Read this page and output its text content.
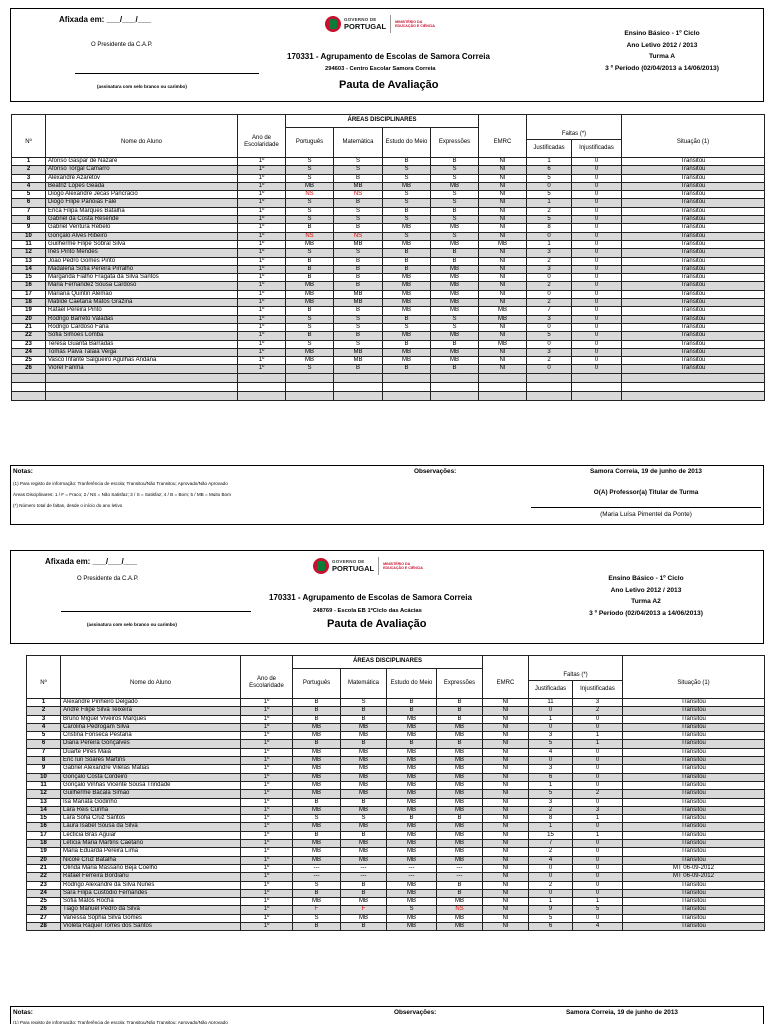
Afixada em: ___/___/___
O Presidente da C.A.P.
(assinatura com selo branco ou carimbo)
GOVERNO DE
PORTUGAL	MINISTÉRIO DA EDUCAÇÃO E CIÊNCIA
170331 - Agrupamento de Escolas de Samora Correia
294603 - Centro Escolar Samora Correia
Pauta de Avaliação
Ensino Básico - 1º Ciclo
Ano Letivo 2012 / 2013
Turma A
3 º Período (02/04/2013 a 14/06/2013)
			ÁREAS DISCIPLINARES							
Nº	Nome do Aluno	Ano de Escolaridade	Português	Matemática	Estudo do Meio	Expressões	EMRC	Faltas (*)
Justificadas Injustificadas		Situação (1)
1	Afonso Gaspar de Nazaré	1º	S	S	B	B	NI	1	0	Transitou
2	Afonso Torgal Camarro	1º	S	S	S	S	NI	6	0	Transitou
3	Alexandre Azaretov	1º	S	B	S	S	NI	5	0	Transitou
4	Beatriz Lopes Geada	1º	MB	MB	MB	MB	NI	0	0	Transitou
5	Diogo Alexandre Jecas Pancracio	1º	NS	NS	S	S	NI	5	0	Transitou
6	Diogo Filipe Panóias Falé	1º	S	B	S	S	NI	1	0	Transitou
7	Érica Filipa Marques Batalha	1º	S	S	B	B	NI	2	0	Transitou
8	Gabriel da Costa Resende	1º	S	S	S	S	NI	5	0	Transitou
9	Gabriel Ventura Rebelo	1º	B	B	MB	MB	NI	8	0	Transitou
10	Gonçalo Alves Ribeiro	1º	NS	NS	S	S	NI	0	0	Transitou
11	Guilherme Filipe Sobral Silva	1º	MB	MB	MB	MB	MB	1	0	Transitou
12	Inês Pinto Mendes	1º	S	S	B	B	NI	3	0	Transitou
13	João Pedro Gomes Pinto	1º	B	B	B	B	NI	2	0	Transitou
14	Madalena Sofia Pereira Pirralho	1º	B	B	B	MB	NI	3	0	Transitou
15	Margarida Fialho Fragata da Silva Santos	1º	B	B	MB	MB	NI	0	0	Transitou
16	Maria Fernandez Sousa Cardoso	1º	MB	B	MB	MB	NI	2	0	Transitou
17	Mariana Quintin Alemão	1º	MB	MB	MB	MB	NI	0	0	Transitou
18	Matilde Caetana Matos Grazina	1º	MB	MB	MB	MB	NI	2	0	Transitou
19	Rafael Pereira Pinto	1º	B	B	MB	MB	MB	7	0	Transitou
20	Rodrigo Barreto Valadas	1º	S	S	B	S	MB	3	0	Transitou
21	Rodrigo Cardoso Faria	1º	S	S	S	S	NI	0	0	Transitou
22	Sofia Simões Lomba	1º	B	B	MB	MB	NI	5	0	Transitou
23	Teresa Guarita Barradas	1º	S	S	B	B	MB	0	0	Transitou
24	Tomás Paiva Talaia Veiga	1º	MB	MB	MB	MB	NI	3	0	Transitou
25	Vasco Infante Salgueiro Agulhas Andana	1º	MB	MB	MB	MB	NI	2	0	Transitou
26	Viorel Farima	1º	S	B	B	B	NI	0	0	Transitou

Notas:	Observações:
(1) Para registo de informação: Tranferência de escola; Transitou/Não Transitou; Aprovado/Não Aprovado
Áreas Disciplinares: 1 / F = Fraco; 2 / NS = Não Satisfaz; 3 / S = Satisfaz; 4 / B = Bom; 5 / MB = Muito Bom
(*) Número total de faltas, desde o início do ano letivo
Samora Correia, 19 de junho de 2013
O(A) Professor(a) Titular de Turma
(Maria Luísa Pimentel da Ponte)
Afixada em: ___/___/___
O Presidente da C.A.P.
(assinatura com selo branco ou carimbo)
GOVERNO DE
PORTUGAL	MINISTÉRIO DA EDUCAÇÃO E CIÊNCIA
170331 - Agrupamento de Escolas de Samora Correia
248769 - Escola EB 1ºCiclo das Acácias
Pauta de Avaliação
Ensino Básico - 1º Ciclo
Ano Letivo 2012 / 2013
Turma A2
3 º Período (02/04/2013 a 14/06/2013)
			ÁREAS DISCIPLINARES							
Nº	Nome do Aluno	Ano de Escolaridade	Português	Matemática	Estudo do Meio	Expressões	EMRC	Faltas (*)
Justificadas Injustificadas		Situação (1)
1	Alexandre Pinheiro Delgado	1º	B	S	B	B	NI	11	3	Transitou
2	André Filipe Silva Teixeira	1º	B	B	B	B	NI	0	2	Transitou
3	Bruno Miguel Viveiros Marques	1º	B	B	MB	B	NI	1	0	Transitou
4	Carolina Pedrogam Silva	1º	MB	MB	MB	MB	NI	0	0	Transitou
5	Cristina Fonseca Pestana	1º	MB	MB	MB	MB	NI	3	1	Transitou
6	Diana Pereira Gonçalves	1º	B	B	B	B	NI	5	1	Transitou
7	Duarte Pires Maia	1º	MB	MB	MB	MB	NI	4	0	Transitou
8	Eric Iuri Soares Martins	1º	MB	MB	MB	MB	NI	0	0	Transitou
9	Gabriel Alexandre Vilelas Matias	1º	MB	MB	MB	MB	NI	3	0	Transitou
10	Gonçalo Costa Cordeiro	1º	MB	MB	MB	MB	NI	6	0	Transitou
11	Gonçalo Vinhas Vicente Sousa Trindade	1º	MB	MB	MB	MB	NI	1	0	Transitou
12	Guilherme Bacala Simão	1º	MB	MB	MB	MB	NI	5	2	Transitou
13	Isa Manata Godinho	1º	B	B	MB	MB	NI	3	0	Transitou
14	Lara Reis Cunha	1º	MB	MB	MB	MB	NI	2	3	Transitou
15	Lara Sofia Cruz Santos	1º	S	S	B	B	NI	8	1	Transitou
16	Laura Isabel Sousa da Silva	1º	MB	MB	MB	MB	NI	1	0	Transitou
17	Lecticia Brás Aguiar	1º	B	B	MB	MB	NI	15	1	Transitou
18	Letícia Maria Martins Caetano	1º	MB	MB	MB	MB	NI	7	0	Transitou
19	Maria Eduarda Pereira Lima	1º	MB	MB	MB	MB	NI	2	0	Transitou
20	Nicole Cruz Batalha	1º	MB	MB	MB	MB	NI	4	0	Transitou
21	Olinda Maria Massano Beja Coelho	1º	---	---	---	---	NI	0	0	MT 06-09-2012
22	Rafael Ferreira Bordianu	1º	---	---	---	---	NI	0	0	MT 06-09-2012
23	Rodrigo Alexandre da Silva Nunes	1º	S	B	MB	B	NI	2	0	Transitou
24	Sara Filipa Custódio Fernandes	1º	B	B	MB	B	NI	0	0	Transitou
25	Sofia Matos Rocha	1º	MB	MB	MB	MB	NI	1	1	Transitou
26	Tiago Manuel Pedro da Silva	1º	F	F	S	NS	NI	9	5	Transitou
27	Vanessa Sophia Silva Gomes	1º	S	MB	MB	MB	NI	5	0	Transitou
28	Violeta Raquel Torres dos Santos	1º	B	B	MB	MB	NI	6	4	Transitou
Notas:	Observações:
(1) Para registo de informação: Tranferência de escola; Transitou/Não Transitou; Aprovado/Não Aprovado
Samora Correia, 19 de junho de 2013
